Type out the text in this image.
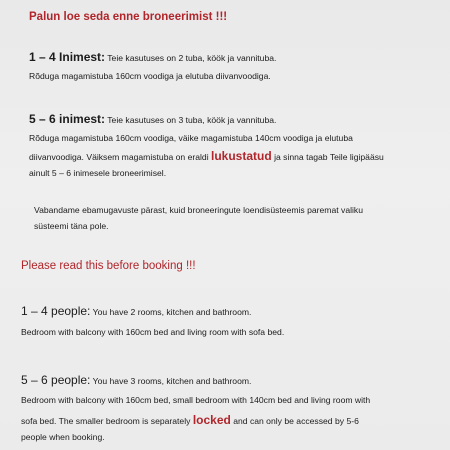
Palun loe seda enne broneerimist !!!
1 – 4 Inimest: Teie kasutuses on 2 tuba, köök ja vannituba.
Rõduga magamistuba 160cm voodiga ja elutuba diivanvoodiga.
5 – 6 inimest: Teie kasutuses on 3 tuba, köök ja vannituba.
Rõduga magamistuba 160cm voodiga, väike magamistuba 140cm voodiga ja elutuba
diivanvoodiga. Väiksem magamistuba on eraldi lukustatud ja sinna tagab Teile ligipääsu
ainult 5 – 6 inimesele broneerimisel.
Vabandame ebamugavuste pärast, kuid broneeringute loendisüsteemis paremat valiku
süsteemi täna pole.
Please read this before booking !!!
1 – 4 people: You have 2 rooms, kitchen and bathroom.
Bedroom with balcony with 160cm bed and living room with sofa bed.
5 – 6 people: You have 3 rooms, kitchen and bathroom.
Bedroom with balcony with 160cm bed, small bedroom with 140cm bed and living room with
sofa bed. The smaller bedroom is separately locked and can only be accessed by 5-6
people when booking.
